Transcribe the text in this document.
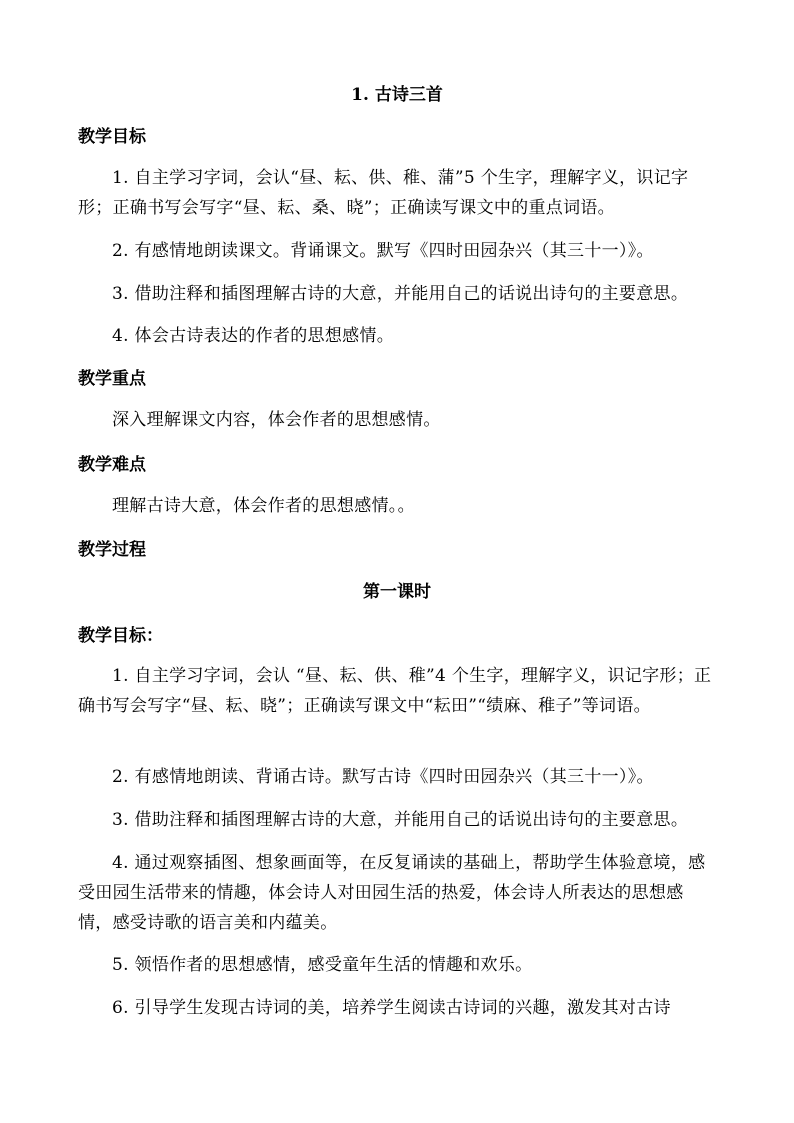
1. 古诗三首
教学目标
1. 自主学习字词，会认“昼、耘、供、稚、蒲”5 个生字，理解字义，识记字形；正确书写会写字“昼、耘、桑、晓”；正确读写课文中的重点词语。
2. 有感情地朗读课文。背诵课文。默写《四时田园杂兴（其三十一）》。
3. 借助注释和插图理解古诗的大意，并能用自己的话说出诗句的主要意思。
4. 体会古诗表达的作者的思想感情。
教学重点
深入理解课文内容，体会作者的思想感情。
教学难点
理解古诗大意，体会作者的思想感情。。
教学过程
第一课时
教学目标：
1. 自主学习字词，会认 “昼、耘、供、稚”4 个生字，理解字义，识记字形；正确书写会写字“昼、耘、晓”；正确读写课文中“耘田”“绩麻、稚子”等词语。
2. 有感情地朗读、背诵古诗。默写古诗《四时田园杂兴（其三十一）》。
3. 借助注释和插图理解古诗的大意，并能用自己的话说出诗句的主要意思。
4. 通过观察插图、想象画面等，在反复诵读的基础上，帮助学生体验意境，感受田园生活带来的情趣，体会诗人对田园生活的热爱，体会诗人所表达的思想感情，感受诗歌的语言美和内蕴美。
5. 领悟作者的思想感情，感受童年生活的情趣和欢乐。
6. 引导学生发现古诗词的美，培养学生阅读古诗词的兴趣，激发其对古诗
